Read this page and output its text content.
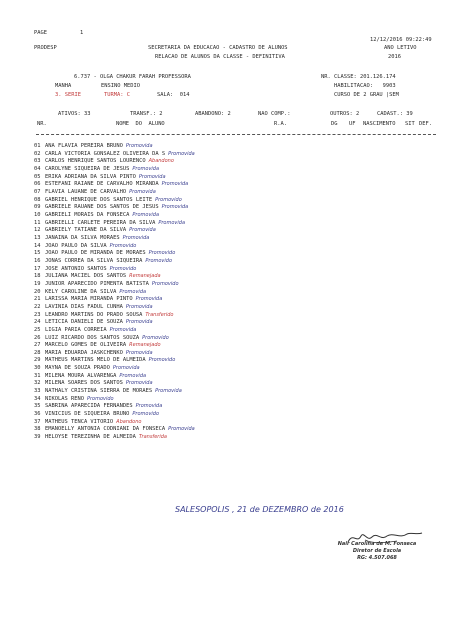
PAGE	1
12/12/2016 09:22:49
PRODESP	SECRETARIA DA EDUCACAO - CADASTRO DE ALUNOS
RELACAO DE ALUNOS DA CLASSE - DEFINITIVA
ANO LETIVO
2016
6.737 - OLGA CHAKUR FARAH PROFESSORA
MANHA	ENSINO MEDIO
3. SERIE	TURMA: C	SALA:  014
NR. CLASSE: 201.126.174
HABILITACAO:   9903
CURSO DE 2 GRAU |SEM
ATIVOS: 33	TRANSF.: 2	ABANDONO: 2	NAO COMP.:	OUTROS: 2	CADAST.: 39
NR.	NOME  DO  ALUNO	R.A.	DG UF NASCIMENTO SIT DEF.
01 ANA FLAVIA PEREIRA BRUNO Promovida
02 CARLA VICTORIA GONSALEZ OLIVEIRA DA S Promovida
03 CARLOS HENRIQUE SANTOS LOURENCO Abandono
04 CAROLYNE SIQUEIRA DE JESUS Promovida
05 ERIKA ADRIANA DA SILVA PINTO Promovida
06 ESTEFANI RAIANE DE CARVALHO MIRANDA Promovida
07 FLAVIA LAUANE DE CARVALHO Promovida
08 GABRIEL HENRIQUE DOS SANTOS LEITE Promovido
09 GABRIELE RAUANE DOS SANTOS DE JESUS Promovida
10 GABRIELI MORAIS DA FONSECA Promovida
11 GABRIELLI CARLETE PEREIRA DA SILVA Promovida
12 GABRIELY TATIANE DA SILVA Promovida
13 JANAINA DA SILVA MORAES Promovida
14 JOAO PAULO DA SILVA Promovido
15 JOAO PAULO DE MIRANDA DE MORAES Promovido
16 JONAS CORREA DA SILVA SIQUEIRA Promovido
17 JOSE ANTONIO SANTOS Promovido
18 JULIANA MACIEL DOS SANTOS Remanejada
19 JUNIOR APARECIDO PIMENTA BATISTA Promovido
20 KELY CAROLINE DA SILVA Promovida
21 LARISSA MARIA MIRANDA PINTO Promovida
22 LAVINIA DIAS FADUL CUNHA Promovida
23 LEANDRO MARTINS DO PRADO SOUSA Transferido
24 LETICIA DANIELI DE SOUZA Promovida
25 LIGIA PARIA CORREIA Promovida
26 LUIZ RICARDO DOS SANTOS SOUZA Promovido
27 MARCELO GOMES DE OLIVEIRA Remanejado
28 MARIA EDUARDA JASKCHENKO Promovida
29 MATHEUS MARTINS MELO DE ALMEIDA Promovido
30 MAYNA DE SOUZA PRADO Promovida
31 MILENA MOURA ALVARENGA Promovida
32 MILENA SOARES DOS SANTOS Promovida
33 NATHALY CRISTINA SIERRA DE MORAES Promovida
34 NIKOLAS RENO Promovido
35 SABRINA APARECIDA FERNANDES Promovida
36 VINICIUS DE SIQUEIRA BRUNO Promovido
37 MATHEUS TENCA VITORIO Abandono
38 EMANOELLY ANTONIA CODNIANI DA FONSECA Promovida
39 HELOYSE TEREZINHA DE ALMEIDA Transferida
SALESOPOLIS , 21 de DEZEMBRO de 2016
Nair Carolina de M. Fonseca
Diretor de Escola
RG: 4.507.068
